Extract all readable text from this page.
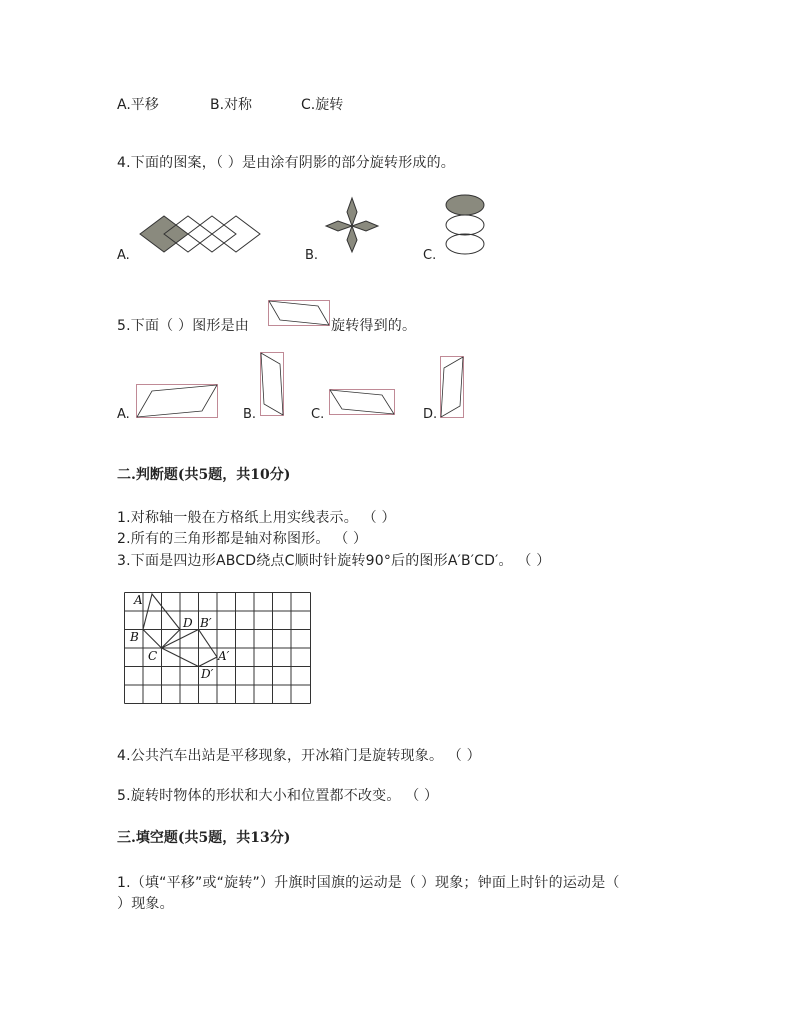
A.平移	B.对称	C.旋转
4.下面的图案，（ ）是由涂有阴影的部分旋转形成的。
A.	B.	C.
5.下面（ ）图形是由	旋转得到的。
A.	B.	C.	D.
二.判断题(共5题，共10分)
1.对称轴一般在方格纸上用实线表示。 （ ）
2.所有的三角形都是轴对称图形。 （ ）
3.下面是四边形ABCD绕点C顺时针旋转90°后的图形A′B′CD′。 （ ）
A
B
C
D B′
A′
D′
4.公共汽车出站是平移现象，开冰箱门是旋转现象。 （ ）
5.旋转时物体的形状和大小和位置都不改变。 （ ）
三.填空题(共5题，共13分)
1.（填“平移”或“旋转”）升旗时国旗的运动是（ ）现象；钟面上时针的运动是（
）现象。
